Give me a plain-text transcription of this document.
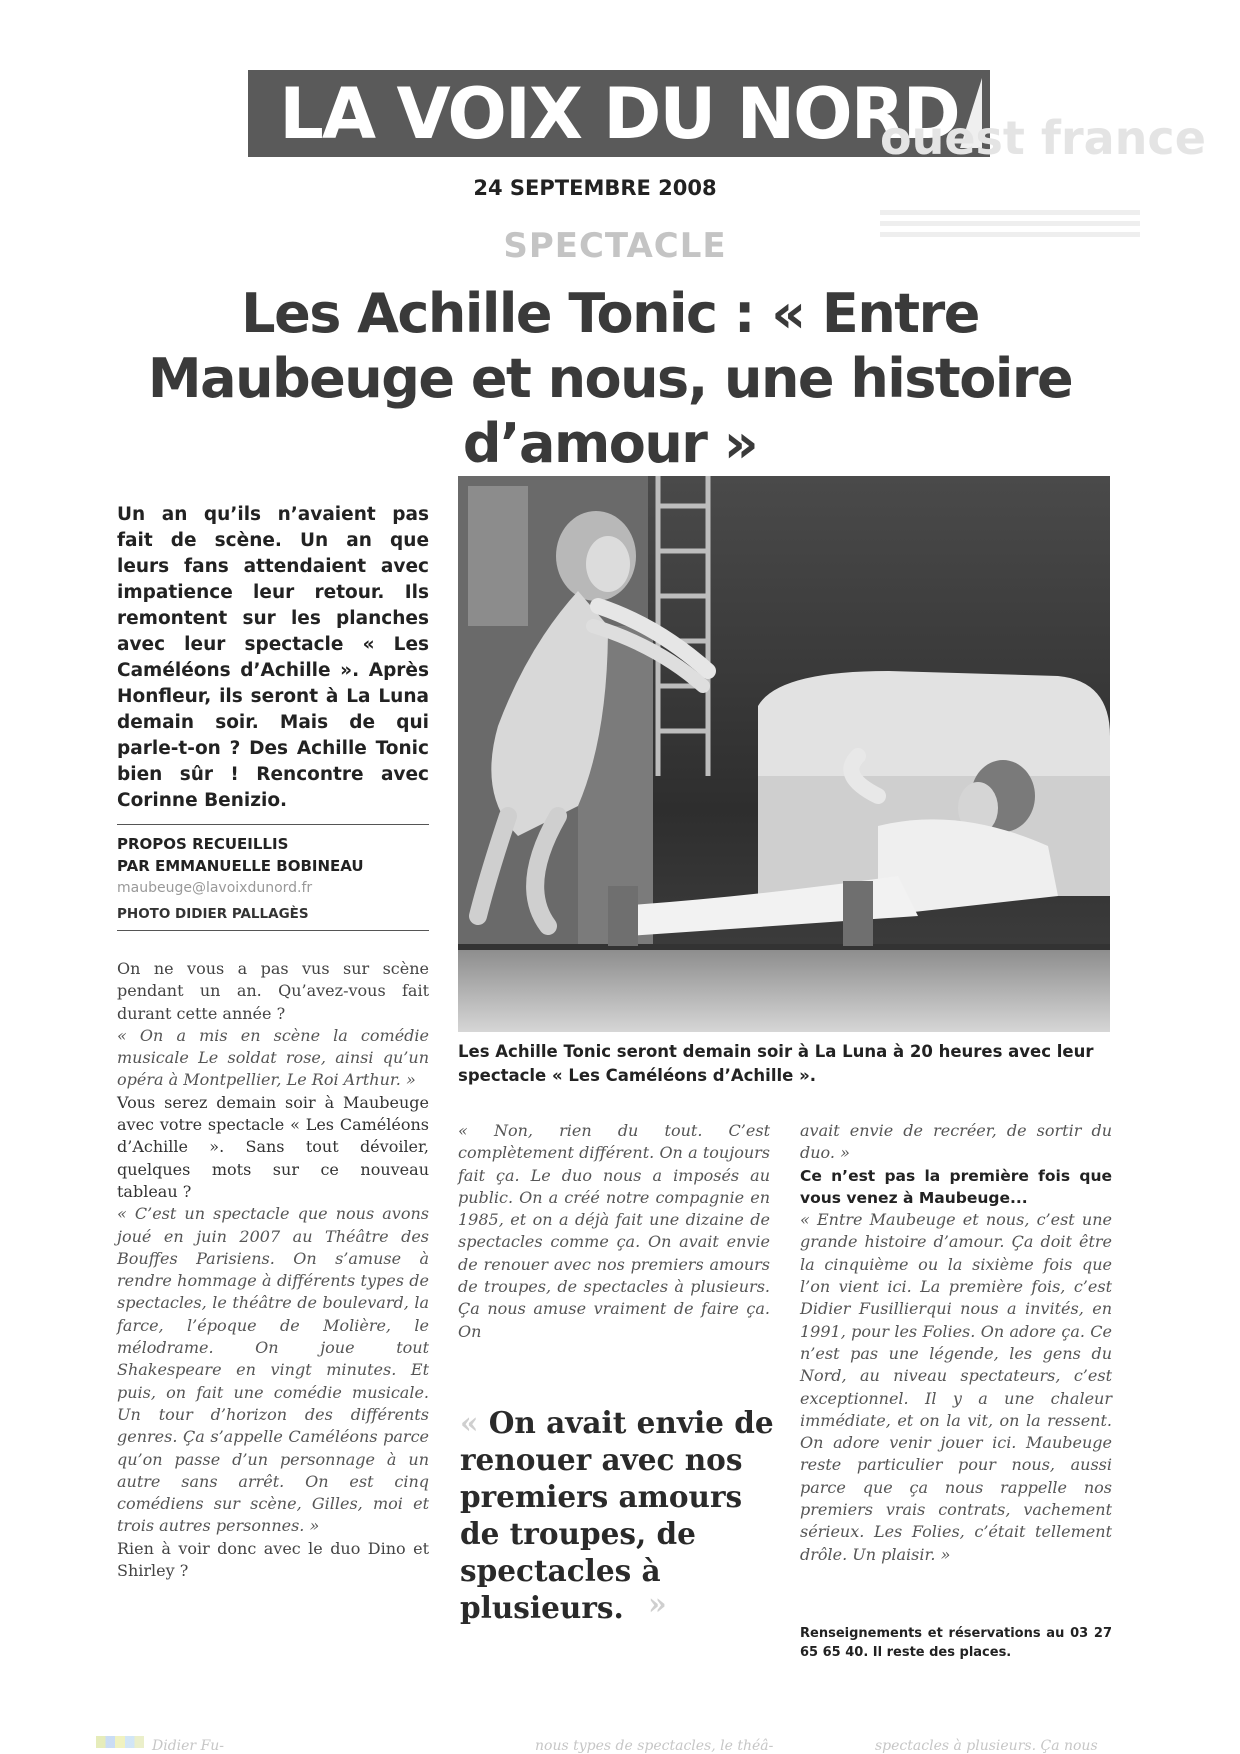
LA VOIX DU NORD
ouest france
24 SEPTEMBRE 2008
SPECTACLE
Les Achille Tonic : « Entre Maubeuge et nous, une histoire d’amour »
Un an qu’ils n’avaient pas fait de scène. Un an que leurs fans attendaient avec impatience leur retour. Ils remontent sur les planches avec leur spectacle « Les Caméléons d’Achille ». Après Honfleur, ils seront à La Luna demain soir. Mais de qui parle-t-on ? Des Achille Tonic bien sûr ! Rencontre avec Corinne Benizio.
PROPOS RECUEILLIS
PAR EMMANUELLE BOBINEAU
maubeuge@lavoixdunord.fr
PHOTO DIDIER PALLAGÈS

On ne vous a pas vus sur scène pendant un an. Qu’avez-vous fait durant cette année ?

« On a mis en scène la comédie musicale Le soldat rose, ainsi qu’un opéra à Montpellier, Le Roi Arthur. »

Vous serez demain soir à Maubeuge avec votre spectacle « Les Caméléons d’Achille ». Sans tout dévoiler, quelques mots sur ce nouveau tableau ?

« C’est un spectacle que nous avons joué en juin 2007 au Théâtre des Bouffes Parisiens. On s’amuse à rendre hommage à différents types de spectacles, le théâtre de boulevard, la farce, l’époque de Molière, le mélodrame. On joue tout Shakespeare en vingt minutes. Et puis, on fait une comédie musicale. Un tour d’horizon des différents genres. Ça s’appelle Caméléons parce qu’on passe d’un personnage à un autre sans arrêt. On est cinq comédiens sur scène, Gilles, moi et trois autres personnes. »

Rien à voir donc avec le duo Dino et Shirley ?

Les Achille Tonic seront demain soir à La Luna à 20 heures avec leur spectacle « Les Caméléons d’Achille ».

« Non, rien du tout. C’est complètement différent. On a toujours fait ça. Le duo nous a imposés au public. On a créé notre compagnie en 1985, et on a déjà fait une dizaine de spectacles comme ça. On avait envie de renouer avec nos premiers amours de troupes, de spectacles à plusieurs. Ça nous amuse vraiment de faire ça. On

« On avait envie de renouer avec nos premiers amours de troupes, de spectacles à plusieurs. »

avait envie de recréer, de sortir du duo. »

Ce n’est pas la première fois que vous venez à Maubeuge...

« Entre Maubeuge et nous, c’est une grande histoire d’amour. Ça doit être la cinquième ou la sixième fois que l’on vient ici. La première fois, c’est Didier Fusillierqui nous a invités, en 1991, pour les Folies. On adore ça. Ce n’est pas une légende, les gens du Nord, au niveau spectateurs, c’est exceptionnel. Il y a une chaleur immédiate, et on la vit, on la ressent. On adore venir jouer ici. Maubeuge reste particulier pour nous, aussi parce que ça nous rappelle nos premiers vrais contrats, vachement sérieux. Les Folies, c’était tellement drôle. Un plaisir. »

Renseignements et réservations au 03 27 65 65 40. Il reste des places.
Didier Fu-	nous types de spectacles, le théâ-	spectacles à plusieurs. Ça nous
